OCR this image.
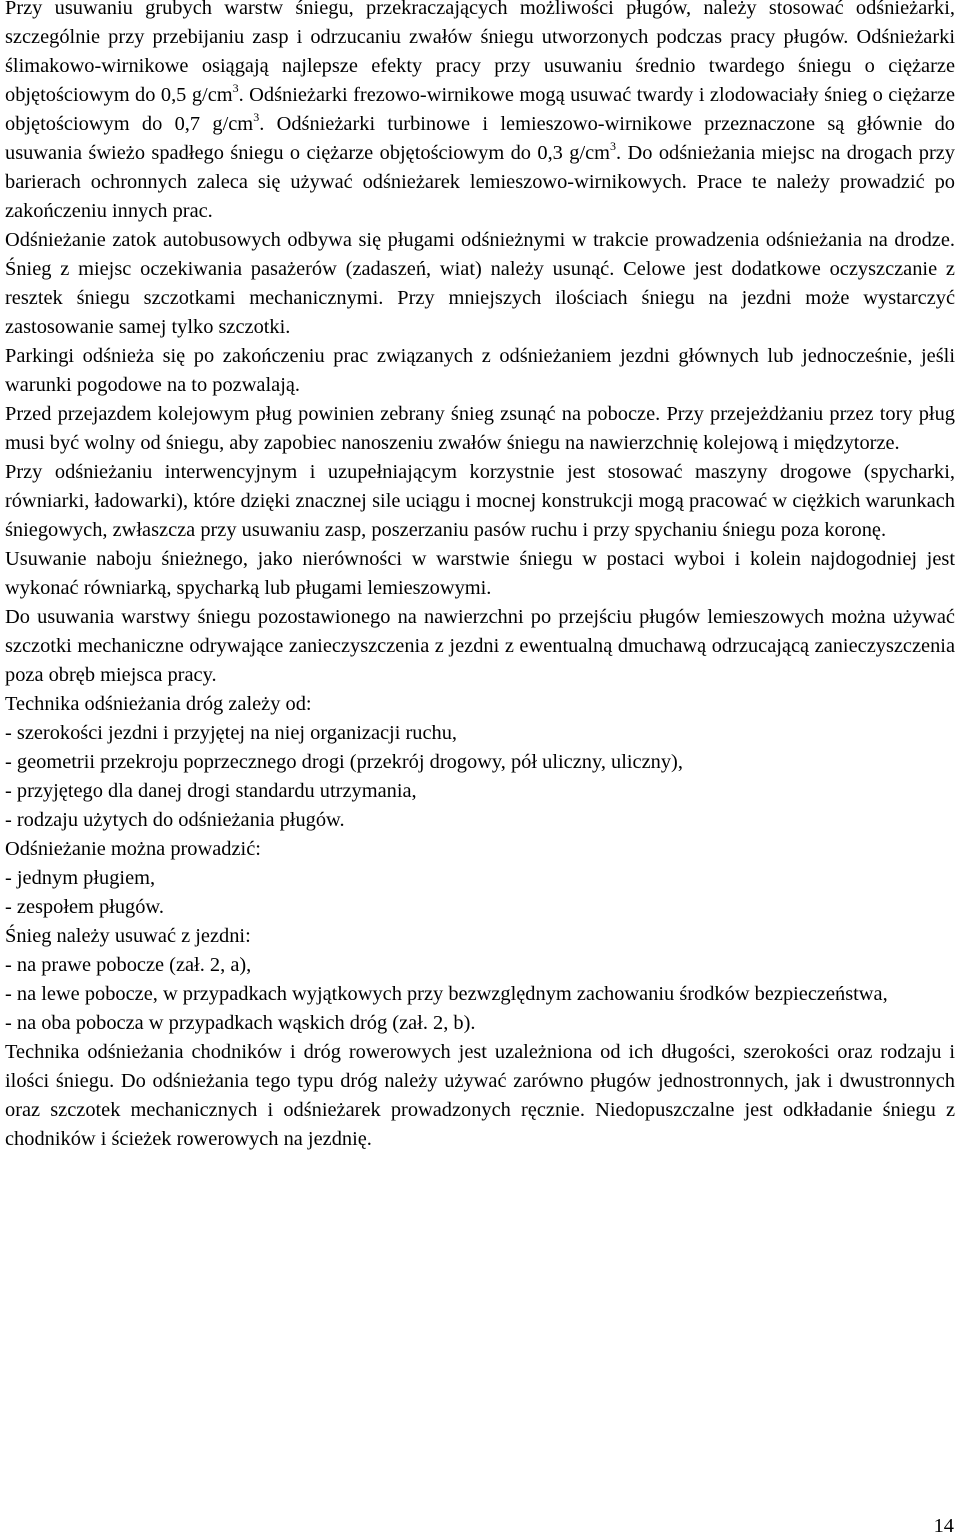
Przy usuwaniu grubych warstw śniegu, przekraczających możliwości pługów, należy stosować odśnieżarki, szczególnie przy przebijaniu zasp i odrzucaniu zwałów śniegu utworzonych podczas pracy pługów. Odśnieżarki ślimakowo-wirnikowe osiągają najlepsze efekty pracy przy usuwaniu średnio twardego śniegu o ciężarze objętościowym do 0,5 $g/cm^3$. Odśnieżarki frezowo-wirnikowe mogą usuwać twardy i zlodowaciały śnieg o ciężarze objętościowym do 0,7 $g/cm^3$. Odśnieżarki turbinowe i lemieszowo-wirnikowe przeznaczone są głównie do usuwania świeżo spadłego śniegu o ciężarze objętościowym do 0,3 $g/cm^3$. Do odśnieżania miejsc na drogach przy barierach ochronnych zaleca się używać odśnieżarek lemieszowo-wirnikowych. Prace te należy prowadzić po zakończeniu innych prac.

Odśnieżanie zatok autobusowych odbywa się pługami odśnieżnymi w trakcie prowadzenia odśnieżania na drodze. Śnieg z miejsc oczekiwania pasażerów (zadaszeń, wiat) należy usunąć. Celowe jest dodatkowe oczyszczanie z resztek śniegu szczotkami mechanicznymi. Przy mniejszych ilościach śniegu na jezdni może wystarczyć zastosowanie samej tylko szczotki.

Parkingi odśnieża się po zakończeniu prac związanych z odśnieżaniem jezdni głównych lub jednocześnie, jeśli warunki pogodowe na to pozwalają.

Przed przejazdem kolejowym pług powinien zebrany śnieg zsunąć na pobocze. Przy przejeżdżaniu przez tory pług musi być wolny od śniegu, aby zapobiec nanoszeniu zwałów śniegu na nawierzchnię kolejową i międzytorze.

Przy odśnieżaniu interwencyjnym i uzupełniającym korzystnie jest stosować maszyny drogowe (spycharki, równiarki, ładowarki), które dzięki znacznej sile uciągu i mocnej konstrukcji mogą pracować w ciężkich warunkach śniegowych, zwłaszcza przy usuwaniu zasp, poszerzaniu pasów ruchu i przy spychaniu śniegu poza koronę.

Usuwanie naboju śnieżnego, jako nierówności w warstwie śniegu w postaci wyboi i kolein najdogodniej jest wykonać równiarką, spycharką lub pługami lemieszowymi.

Do usuwania warstwy śniegu pozostawionego na nawierzchni po przejściu pługów lemieszowych można używać szczotki mechaniczne odrywające zanieczyszczenia z jezdni z ewentualną dmuchawą odrzucającą zanieczyszczenia poza obręb miejsca pracy.

Technika odśnieżania dróg zależy od:

- szerokości jezdni i przyjętej na niej organizacji ruchu,

- geometrii przekroju poprzecznego drogi (przekrój drogowy, pół uliczny, uliczny),

- przyjętego dla danej drogi standardu utrzymania,

- rodzaju użytych do odśnieżania pługów.

Odśnieżanie można prowadzić:

- jednym pługiem,

- zespołem pługów.

Śnieg należy usuwać z jezdni:

- na prawe pobocze (zał. 2, a),

- na lewe pobocze, w przypadkach wyjątkowych przy bezwzględnym zachowaniu środków bezpieczeństwa,

- na oba pobocza w przypadkach wąskich dróg (zał. 2, b).

Technika odśnieżania chodników i dróg rowerowych jest uzależniona od ich długości, szerokości oraz rodzaju i ilości śniegu. Do odśnieżania tego typu dróg należy używać zarówno pługów jednostronnych, jak i dwustronnych oraz szczotek mechanicznych i odśnieżarek prowadzonych ręcznie. Niedopuszczalne jest odkładanie śniegu z chodników i ścieżek rowerowych na jezdnię.

14
